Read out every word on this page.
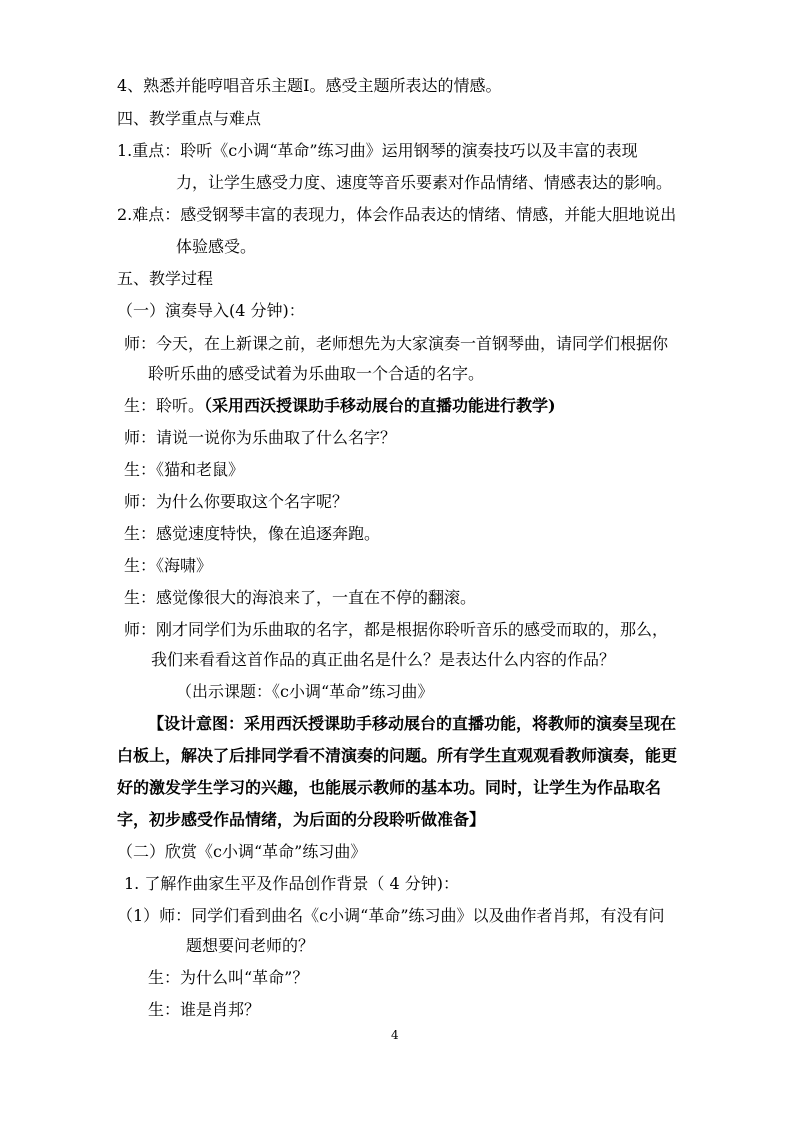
4、熟悉并能哼唱音乐主题Ⅰ。感受主题所表达的情感。
四、教学重点与难点
1.重点：聆听《c小调“革命”练习曲》运用钢琴的演奏技巧以及丰富的表现
力，让学生感受力度、速度等音乐要素对作品情绪、情感表达的影响。
2.难点：感受钢琴丰富的表现力，体会作品表达的情绪、情感，并能大胆地说出
体验感受。
五、教学过程
（一）演奏导入(4 分钟)：
师：今天，在上新课之前，老师想先为大家演奏一首钢琴曲，请同学们根据你
聆听乐曲的感受试着为乐曲取一个合适的名字。
生：聆听。（采用西沃授课助手移动展台的直播功能进行教学)
师：请说一说你为乐曲取了什么名字？
生：《猫和老鼠》
师：为什么你要取这个名字呢？
生：感觉速度特快，像在追逐奔跑。
生：《海啸》
生：感觉像很大的海浪来了，一直在不停的翻滚。
师：刚才同学们为乐曲取的名字，都是根据你聆听音乐的感受而取的，那么，
我们来看看这首作品的真正曲名是什么？是表达什么内容的作品？
（出示课题：《c小调“革命”练习曲》
【设计意图：采用西沃授课助手移动展台的直播功能，将教师的演奏呈现在
白板上，解决了后排同学看不清演奏的问题。所有学生直观观看教师演奏，能更
好的激发学生学习的兴趣，也能展示教师的基本功。同时，让学生为作品取名
字，初步感受作品情绪，为后面的分段聆听做准备】
（二）欣赏《c小调“革命”练习曲》
1. 了解作曲家生平及作品创作背景（ 4 分钟)：
（1）师：同学们看到曲名《c小调“革命”练习曲》以及曲作者肖邦，有没有问
题想要问老师的？
生：为什么叫“革命”？
生：谁是肖邦？
4
